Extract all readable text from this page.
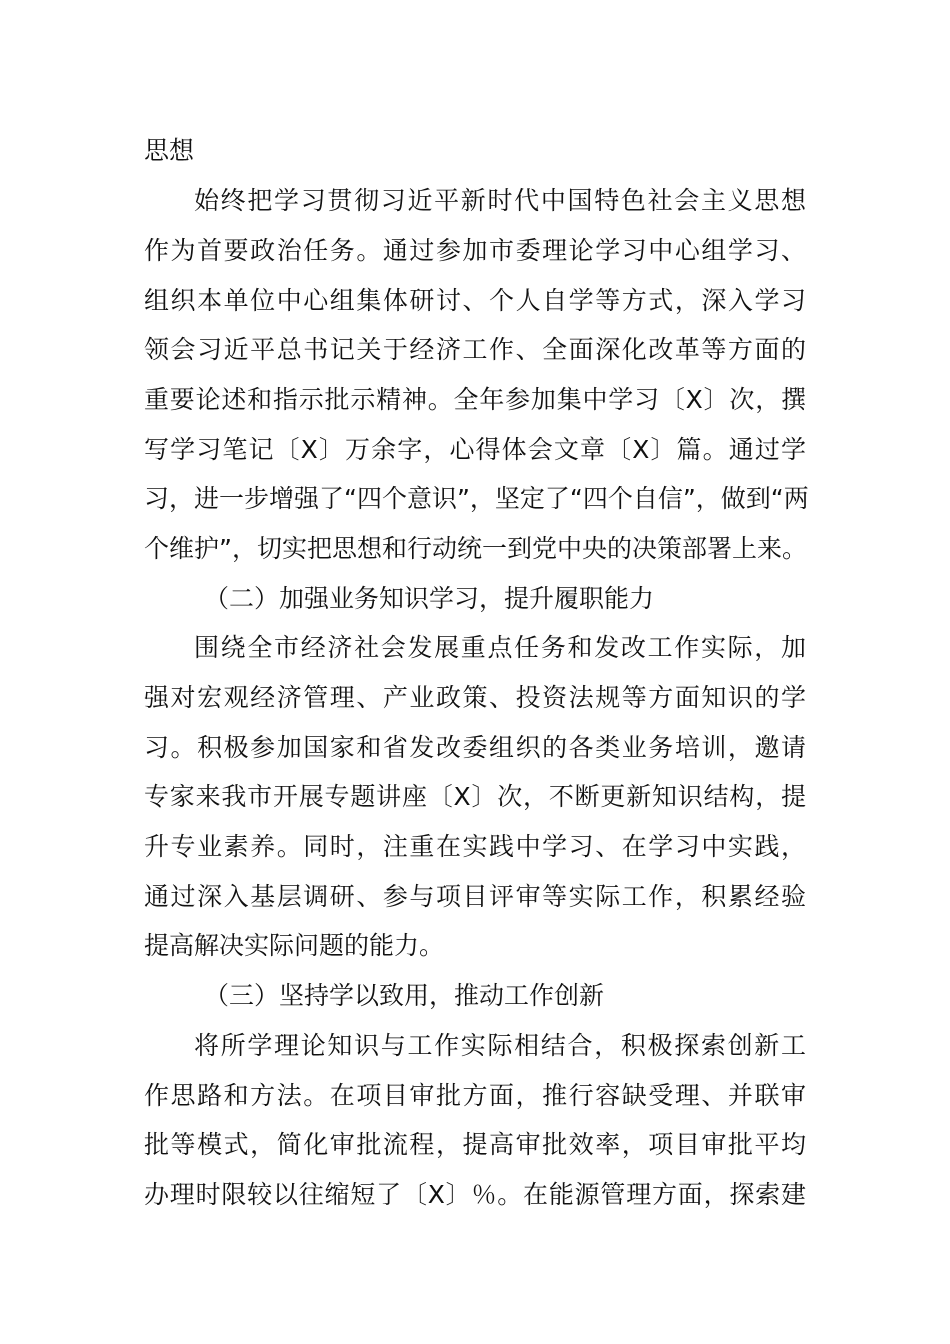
思想
始终把学习贯彻习近平新时代中国特色社会主义思想
作为首要政治任务。通过参加市委理论学习中心组学习、
组织本单位中心组集体研讨、个人自学等方式，深入学习
领会习近平总书记关于经济工作、全面深化改革等方面的
重要论述和指示批示精神。全年参加集中学习〔X〕次，撰
写学习笔记〔X〕万余字，心得体会文章〔X〕篇。通过学
习，进一步增强了“四个意识”，坚定了“四个自信”，做到“两
个维护”，切实把思想和行动统一到党中央的决策部署上来。
（二）加强业务知识学习，提升履职能力
围绕全市经济社会发展重点任务和发改工作实际，加
强对宏观经济管理、产业政策、投资法规等方面知识的学
习。积极参加国家和省发改委组织的各类业务培训，邀请
专家来我市开展专题讲座〔X〕次，不断更新知识结构，提
升专业素养。同时，注重在实践中学习、在学习中实践，
通过深入基层调研、参与项目评审等实际工作，积累经验
提高解决实际问题的能力。
（三）坚持学以致用，推动工作创新
将所学理论知识与工作实际相结合，积极探索创新工
作思路和方法。在项目审批方面，推行容缺受理、并联审
批等模式，简化审批流程，提高审批效率，项目审批平均
办理时限较以往缩短了〔X〕％。在能源管理方面，探索建
